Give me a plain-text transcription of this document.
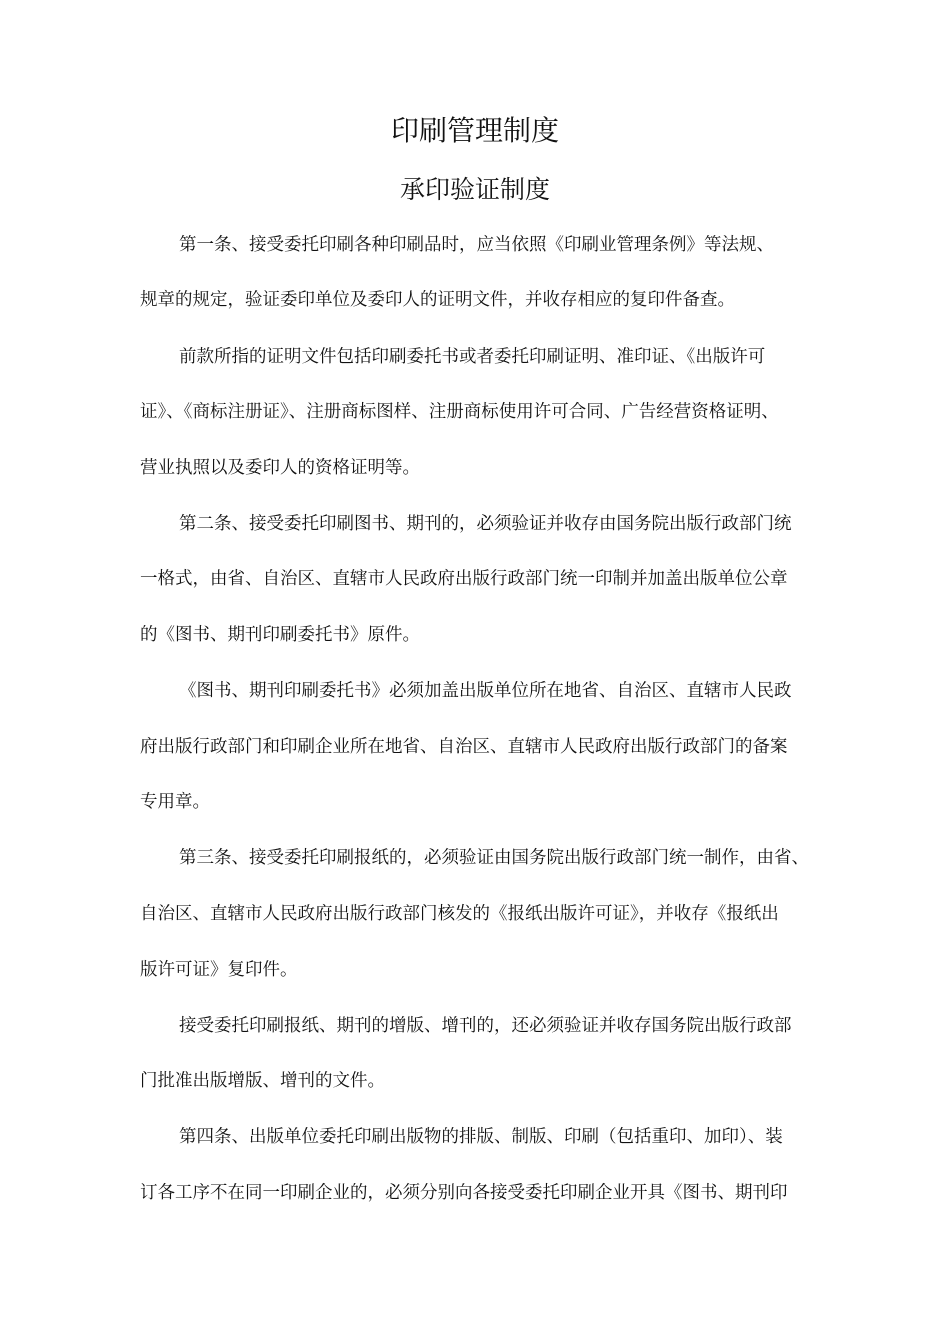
印刷管理制度
承印验证制度
第一条、接受委托印刷各种印刷品时，应当依照《印刷业管理条例》等法规、
规章的规定，验证委印单位及委印人的证明文件，并收存相应的复印件备查。
前款所指的证明文件包括印刷委托书或者委托印刷证明、准印证、《出版许可
证》、《商标注册证》、注册商标图样、注册商标使用许可合同、广告经营资格证明、
营业执照以及委印人的资格证明等。
第二条、接受委托印刷图书、期刊的，必须验证并收存由国务院出版行政部门统
一格式，由省、自治区、直辖市人民政府出版行政部门统一印制并加盖出版单位公章
的《图书、期刊印刷委托书》原件。
《图书、期刊印刷委托书》必须加盖出版单位所在地省、自治区、直辖市人民政
府出版行政部门和印刷企业所在地省、自治区、直辖市人民政府出版行政部门的备案
专用章。
第三条、接受委托印刷报纸的，必须验证由国务院出版行政部门统一制作，由省、
自治区、直辖市人民政府出版行政部门核发的《报纸出版许可证》，并收存《报纸出
版许可证》复印件。
接受委托印刷报纸、期刊的增版、增刊的，还必须验证并收存国务院出版行政部
门批准出版增版、增刊的文件。
第四条、出版单位委托印刷出版物的排版、制版、印刷（包括重印、加印）、装
订各工序不在同一印刷企业的，必须分别向各接受委托印刷企业开具《图书、期刊印
